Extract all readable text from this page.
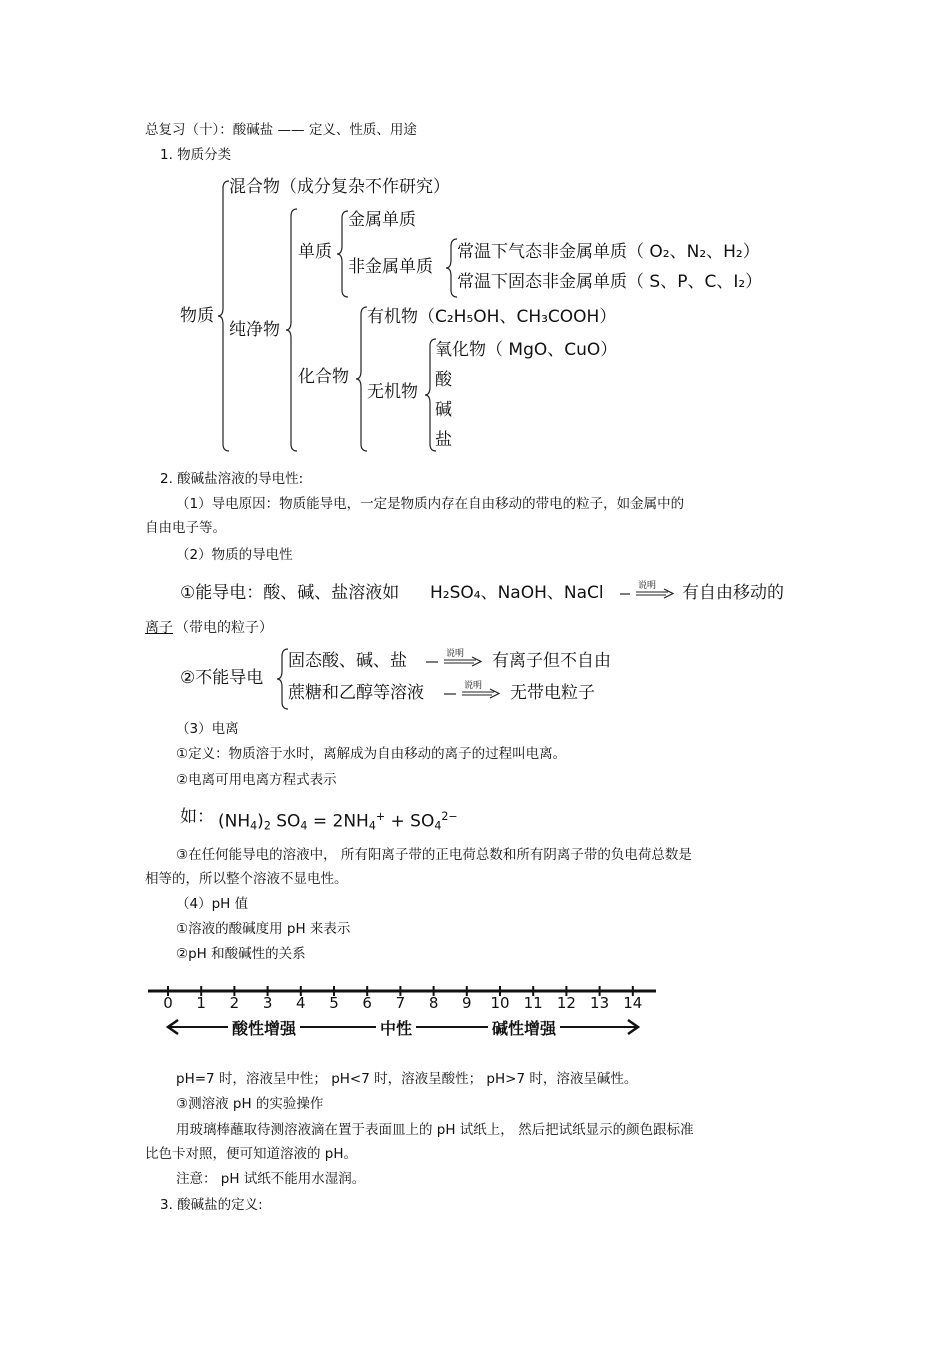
总复习（十）：酸碱盐 —— 定义、性质、用途
1. 物质分类
物质
混合物（成分复杂不作研究）
纯净物
单质
化合物
金属单质
非金属单质
常温下气态非金属单质（ O₂、N₂、H₂）
常温下固态非金属单质（ S、P、C、I₂）
有机物（C₂H₅OH、CH₃COOH）
无机物
氧化物（ MgO、CuO）
酸
碱
盐
2. 酸碱盐溶液的导电性:
（1）导电原因：物质能导电，一定是物质内存在自由移动的带电的粒子，如金属中的
自由电子等。
（2）物质的导电性
①能导电：酸、碱、盐溶液如 H₂SO₄、NaOH、NaCl	说明 有自由移动的
离子 （带电的粒子）
②不能导电
固态酸、碱、盐	说明 有离子但不自由
蔗糖和乙醇等溶液	说明 无带电粒子
（3）电离
①定义：物质溶于水时，离解成为自由移动的离子的过程叫电离。
②电离可用电离方程式表示
如： $(NH_4)_2$ $SO_4 = 2NH_4^+ + SO_4^{2-}$
③在任何能导电的溶液中， 所有阳离子带的正电荷总数和所有阴离子带的负电荷总数是
相等的，所以整个溶液不显电性。
（4）pH 值
①溶液的酸碱度用 pH 来表示
②pH 和酸碱性的关系
0	1	2	3	4	5	6	7	8	9	10 11 12 13 14
酸性增强	中性	碱性增强
pH=7 时，溶液呈中性； pH<7 时，溶液呈酸性； pH>7 时，溶液呈碱性。
③测溶液 pH 的实验操作
用玻璃棒蘸取待测溶液滴在置于表面皿上的 pH 试纸上， 然后把试纸显示的颜色跟标准
比色卡对照，便可知道溶液的 pH。
注意： pH 试纸不能用水湿润。
3. 酸碱盐的定义:
